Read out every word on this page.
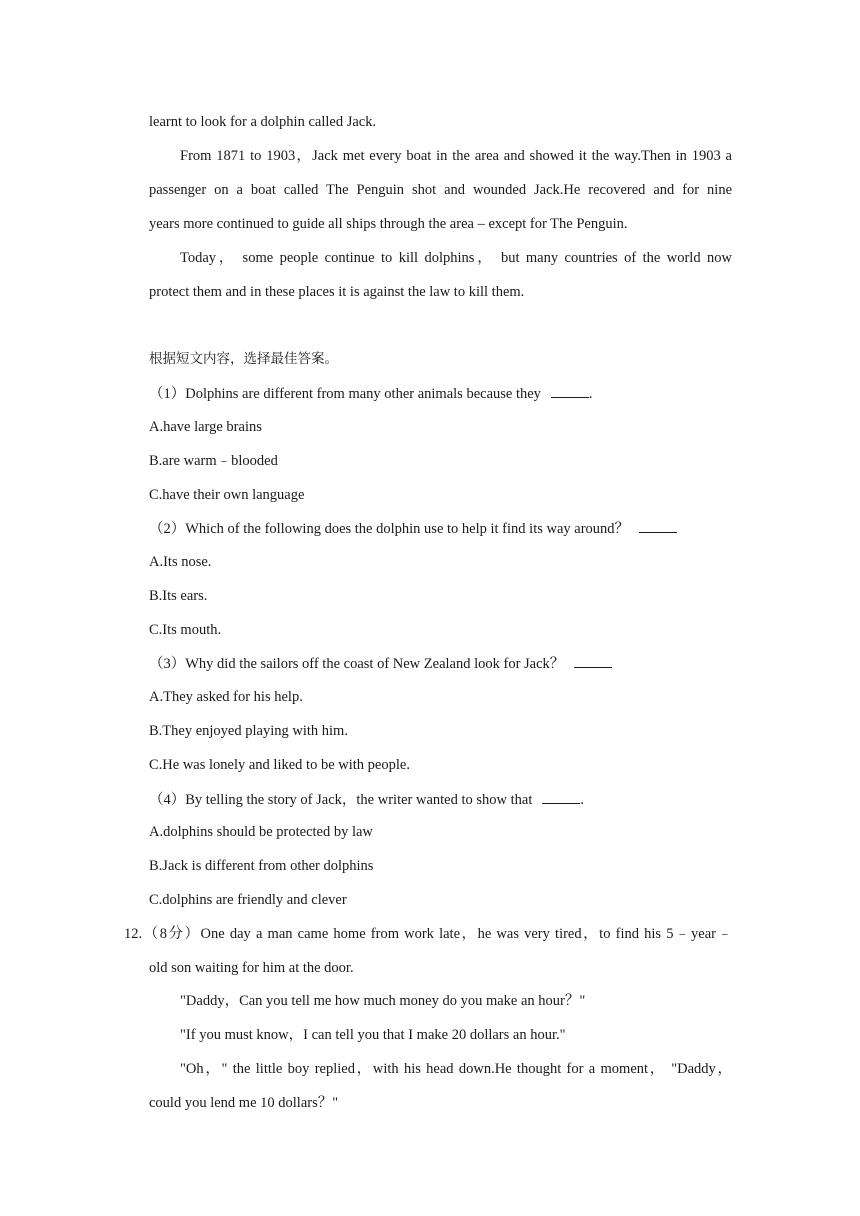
learnt to look for a dolphin called Jack.
From 1871 to 1903，Jack met every boat in the area and showed it the way.Then in 1903 a
passenger on a boat called The Penguin shot and wounded Jack.He recovered and for nine
years more continued to guide all ships through the area – except for The Penguin.
Today， some people continue to kill dolphins， but many countries of the world now
protect them and in these places it is against the law to kill them.
根据短文内容，选择最佳答案。
（1）Dolphins are different from many other animals because they	.
A.have large brains
B.are warm﹣blooded
C.have their own language
（2）Which of the following does the dolphin use to help it find its way around？
A.Its nose.
B.Its ears.
C.Its mouth.
（3）Why did the sailors off the coast of New Zealand look for Jack？
A.They asked for his help.
B.They enjoyed playing with him.
C.He was lonely and liked to be with people.
（4）By telling the story of Jack，the writer wanted to show that	.
A.dolphins should be protected by law
B.Jack is different from other dolphins
C.dolphins are friendly and clever
12.（8分）One day a man came home from work late，he was very tired，to find his 5﹣year﹣
old son waiting for him at the door.
"Daddy，Can you tell me how much money do you make an hour？"
"If you must know，I can tell you that I make 20 dollars an hour."
"Oh，" the little boy replied，with his head down.He thought for a moment， "Daddy，
could you lend me 10 dollars？"
